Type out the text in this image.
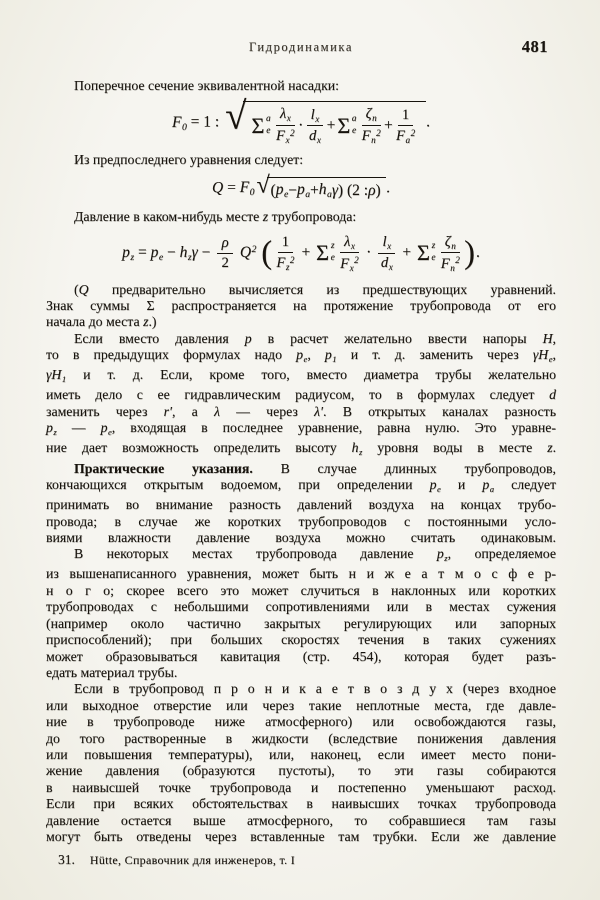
Гидродинамика	481
Поперечное сечение эквивалентной насадки:
$F_0 = 1$ : √ Σ a
e $\frac{\lambda_x}{F_x^2} \cdot \frac{l_x}{d_x} + \Sigma$ a
e $\frac{\zeta_n}{F_n^2} + \frac{1}{F_a^2}$ .
Из предпоследнего уравнения следует:
$Q = F_0$ √ ( $p_e - p_a + h_a$ γ ) (2 : ρ ) .
Давление в каком-нибудь месте z трубопровода:
$p_z = p_e - h_z\gamma - \frac{\rho}{2} Q^2$ ( $\frac{1}{F_z^2} + \Sigma$ z
e $\frac{\lambda_x}{F_x^2} \cdot \frac{l_x}{d_x} + \Sigma$ z
e $\frac{\zeta_n}{F_n^2}$ ).
(Q предварительно вычисляется из предшествующих уравнений.
Знак суммы Σ распространяется на протяжение трубопровода от его
начала до места z.)
Если вместо давления p в расчет желательно ввести напоры H,
то в предыдущих формулах надо $p_e$, $p_1$ и т. д. заменить через $\gamma H_e$,
$\gamma H_1$ и т. д. Если, кроме того, вместо диаметра трубы желательно
иметь дело с ее гидравлическим радиусом, то в формулах следует d
заменить через r′, а λ — через λ′. В открытых каналах разность
$p_z$ — $p_e$, входящая в последнее уравнение, равна нулю. Это уравне-
ние дает возможность определить высоту $h_z$ уровня воды в месте z.
Практические указания. В случае длинных трубопроводов,
кончающихся открытым водоемом, при определении $p_e$ и $p_a$ следует
принимать во внимание разность давлений воздуха на концах трубо-
провода; в случае же коротких трубопроводов с постоянными усло-
виями влажности давление воздуха можно считать одинаковым.
В некоторых местах трубопровода давление $p_z$, определяемое
из вышенаписанного уравнения, может быть н и ж е а т м о с ф е р-
н о г о; скорее всего это может случиться в наклонных или коротких
трубопроводах с небольшими сопротивлениями или в местах сужения
(например около частично закрытых регулирующих или запорных
приспособлений); при больших скоростях течения в таких сужениях
может образовываться кавитация (стр. 454), которая будет разъ-
едать материал трубы.
Если в трубопровод п р о н и к а е т в о з д у х (через входное
или выходное отверстие или через такие неплотные места, где давле-
ние в трубопроводе ниже атмосферного) или освобождаются газы,
до того растворенные в жидкости (вследствие понижения давления
или повышения температуры), или, наконец, если имеет место пони-
жение давления (образуются пустоты), то эти газы собираются
в наивысшей точке трубопровода и постепенно уменьшают расход.
Если при всяких обстоятельствах в наивысших точках трубопровода
давление остается выше атмосферного, то собравшиеся там газы
могут быть отведены через вставленные там трубки. Если же давление
31. Hütte, Справочник для инженеров, т. I
